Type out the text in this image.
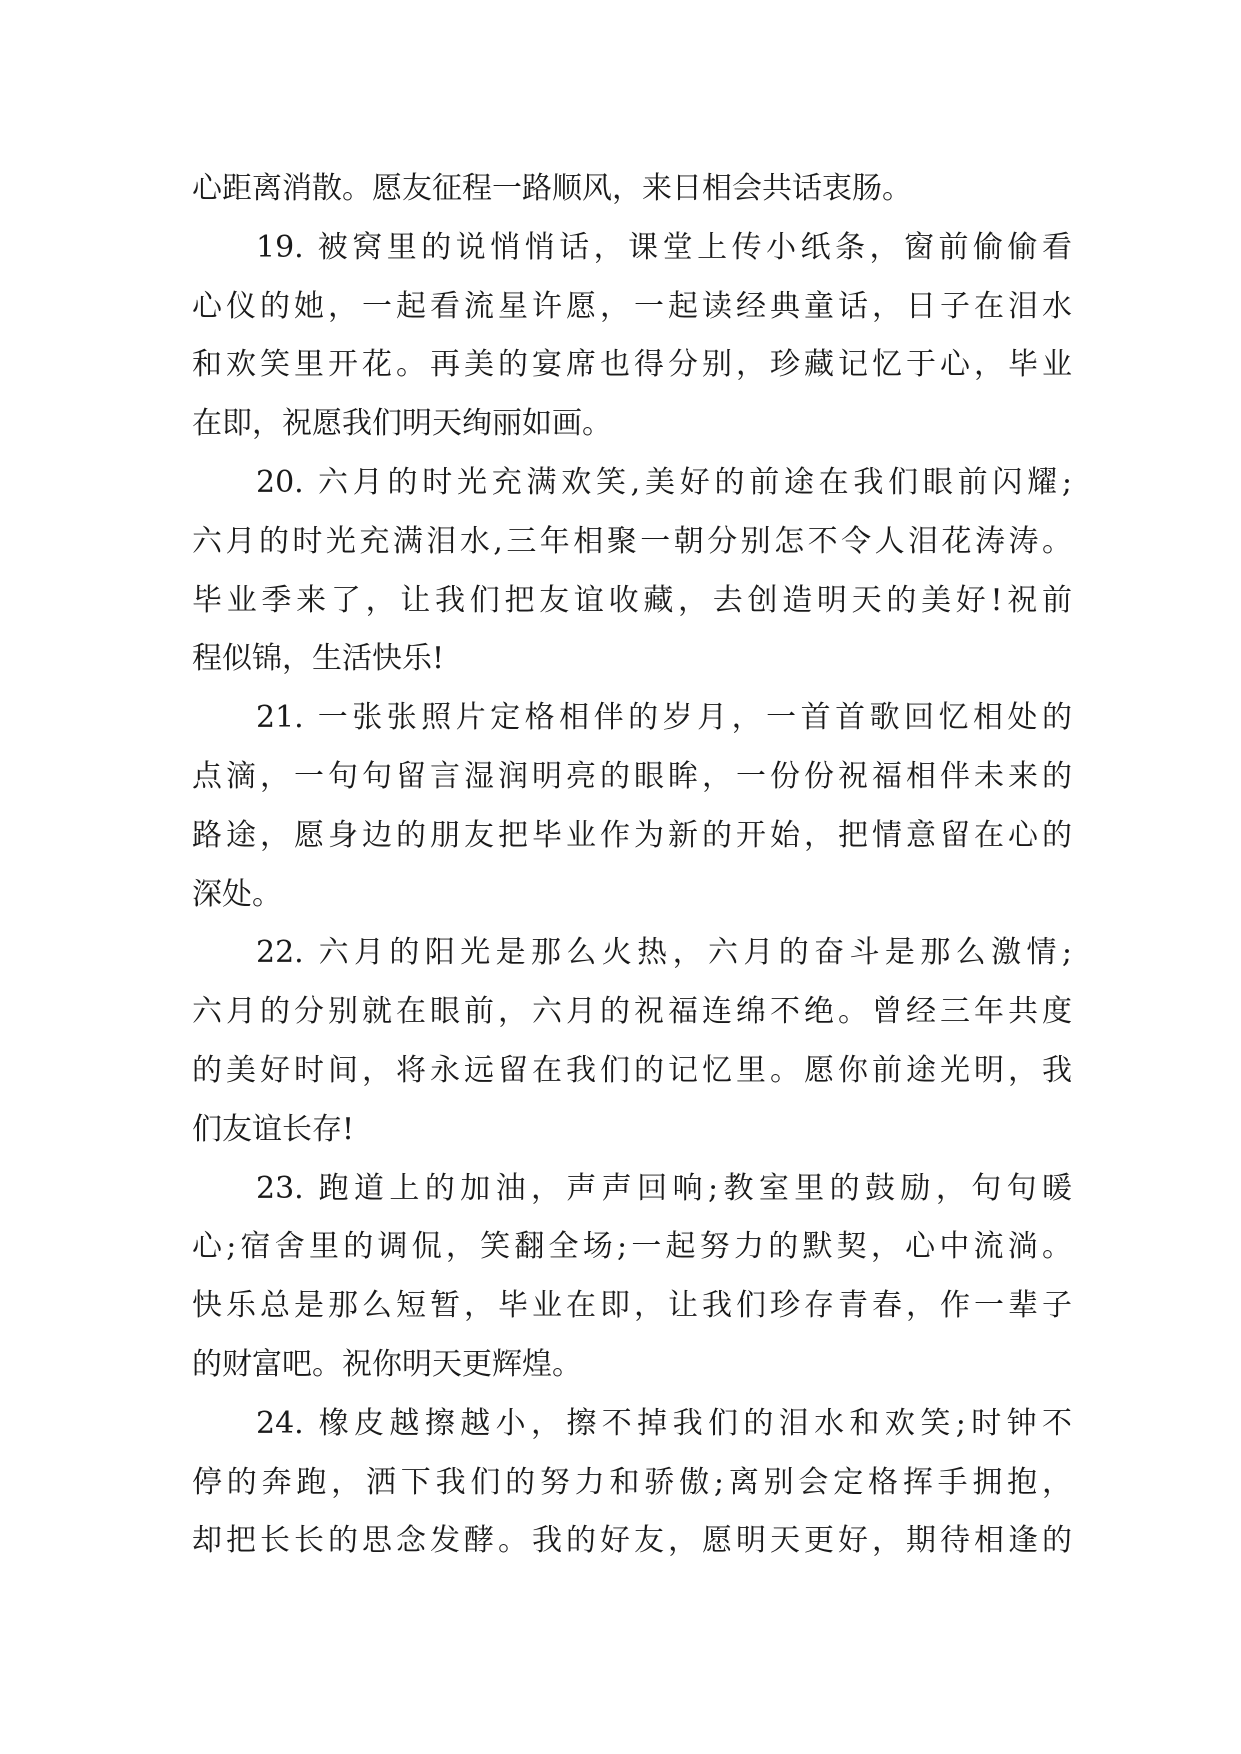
心距离消散。愿友征程一路顺风，来日相会共话衷肠。
19. 被窝里的说悄悄话，课堂上传小纸条，窗前偷偷看
心仪的她，一起看流星许愿，一起读经典童话，日子在泪水
和欢笑里开花。再美的宴席也得分别，珍藏记忆于心，毕业
在即，祝愿我们明天绚丽如画。
20. 六月的时光充满欢笑,美好的前途在我们眼前闪耀;
六月的时光充满泪水,三年相聚一朝分别怎不令人泪花涛涛。
毕业季来了，让我们把友谊收藏，去创造明天的美好!祝前
程似锦，生活快乐!
21. 一张张照片定格相伴的岁月，一首首歌回忆相处的
点滴，一句句留言湿润明亮的眼眸，一份份祝福相伴未来的
路途，愿身边的朋友把毕业作为新的开始，把情意留在心的
深处。
22. 六月的阳光是那么火热，六月的奋斗是那么激情;
六月的分别就在眼前，六月的祝福连绵不绝。曾经三年共度
的美好时间，将永远留在我们的记忆里。愿你前途光明，我
们友谊长存!
23. 跑道上的加油，声声回响;教室里的鼓励，句句暖
心;宿舍里的调侃，笑翻全场;一起努力的默契，心中流淌。
快乐总是那么短暂，毕业在即，让我们珍存青春，作一辈子
的财富吧。祝你明天更辉煌。
24. 橡皮越擦越小，擦不掉我们的泪水和欢笑;时钟不
停的奔跑，洒下我们的努力和骄傲;离别会定格挥手拥抱，
却把长长的思念发酵。我的好友，愿明天更好，期待相逢的
